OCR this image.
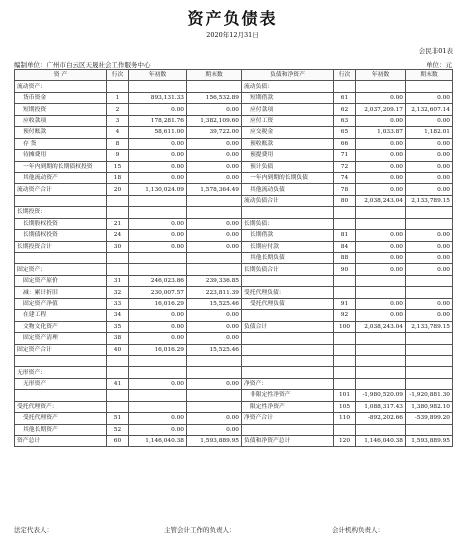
资产负债表
2020年12月31日
会民非01表
编制单位：广州市白云区天晟社会工作服务中心	单位：元
资 产	行次	年初数	期末数	负债和净资产	行次	年初数	期末数
流动资产：				流动负债：			
货币资金	1	893,131.33	156,532.89	短期借款	61	0.00	0.00
短期投资	2	0.00	0.00	应付款项	62	2,037,209.17	2,132,607.14
应收款项	3	178,281.76	1,382,109.60	应付工资	63	0.00	0.00
预付账款	4	58,611.00	39,722.00	应交税金	65	1,033.87	1,182.01
存 货	8	0.00	0.00	预收账款	66	0.00	0.00
待摊费用	9	0.00	0.00	预提费用	71	0.00	0.00
一年内到期的长期债权投资	15	0.00	0.00	预计负债	72	0.00	0.00
其他流动资产	18	0.00	0.00	一年内到期的长期负债	74	0.00	0.00
流动资产合计	20	1,130,024.09	1,578,364.49	其他流动负债	78	0.00	0.00
				流动负债合计	80	2,038,243.04	2,133,789.15
长期投资：							
长期股权投资	21	0.00	0.00	长期负债：			
长期债权投资	24	0.00	0.00	长期借款	81	0.00	0.00
长期投资合计	30	0.00	0.00	长期应付款	84	0.00	0.00
				其他长期负债	88	0.00	0.00
固定资产：				长期负债合计	90	0.00	0.00
固定资产原价	31	246,023.86	239,336.85				
减：累计折旧	32	230,007.57	223,811.39	受托代理负债：			
固定资产净值	33	16,016.29	15,525.46	受托代理负债	91	0.00	0.00
在建工程	34	0.00	0.00		92	0.00	0.00
文物文化资产	35	0.00	0.00	负债合计	100	2,038,243.04	2,133,789.15
固定资产清理	38	0.00	0.00				
固定资产合计	40	16,016.29	15,525.46				

无形资产：							
无形资产	41	0.00	0.00	净资产：			
				非限定性净资产	101	-1,980,520.09	-1,920,881.30
受托代理资产：				限定性净资产	105	1,088,317.43	1,380,982.10
受托代理资产	51	0.00	0.00	净资产合计	110	-892,202.66	-539,899.20
其他长期资产	52	0.00	0.00				
资产总计	60	1,146,040.38	1,593,889.95	负债和净资产总计	120	1,146,040.38	1,593,889.95
法定代表人：	主管会计工作的负责人：	会计机构负责人：
